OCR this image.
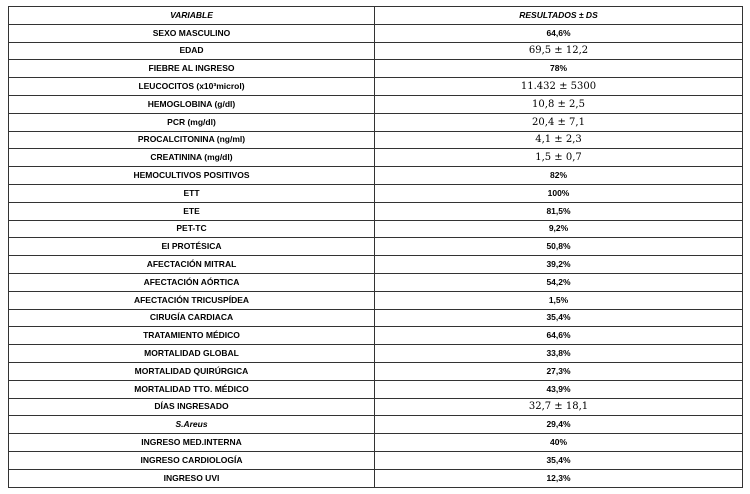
VARIABLE	RESULTADOS ± DS
SEXO MASCULINO	64,6%
EDAD	69,5 ± 12,2
FIEBRE AL INGRESO	78%
LEUCOCITOS (x10³microl)	11.432 ± 5300
HEMOGLOBINA (g/dl)	10,8 ± 2,5
PCR (mg/dl)	20,4 ± 7,1
PROCALCITONINA (ng/ml)	4,1 ± 2,3
CREATININA (mg/dl)	1,5 ± 0,7
HEMOCULTIVOS POSITIVOS	82%
ETT	100%
ETE	81,5%
PET-TC	9,2%
EI PROTÉSICA	50,8%
AFECTACIÓN MITRAL	39,2%
AFECTACIÓN AÓRTICA	54,2%
AFECTACIÓN TRICUSPÍDEA	1,5%
CIRUGÍA CARDIACA	35,4%
TRATAMIENTO MÉDICO	64,6%
MORTALIDAD GLOBAL	33,8%
MORTALIDAD QUIRÚRGICA	27,3%
MORTALIDAD TTO. MÉDICO	43,9%
DÍAS INGRESADO	32,7 ± 18,1
S.Areus	29,4%
INGRESO MED.INTERNA	40%
INGRESO CARDIOLOGÍA	35,4%
INGRESO UVI	12,3%
